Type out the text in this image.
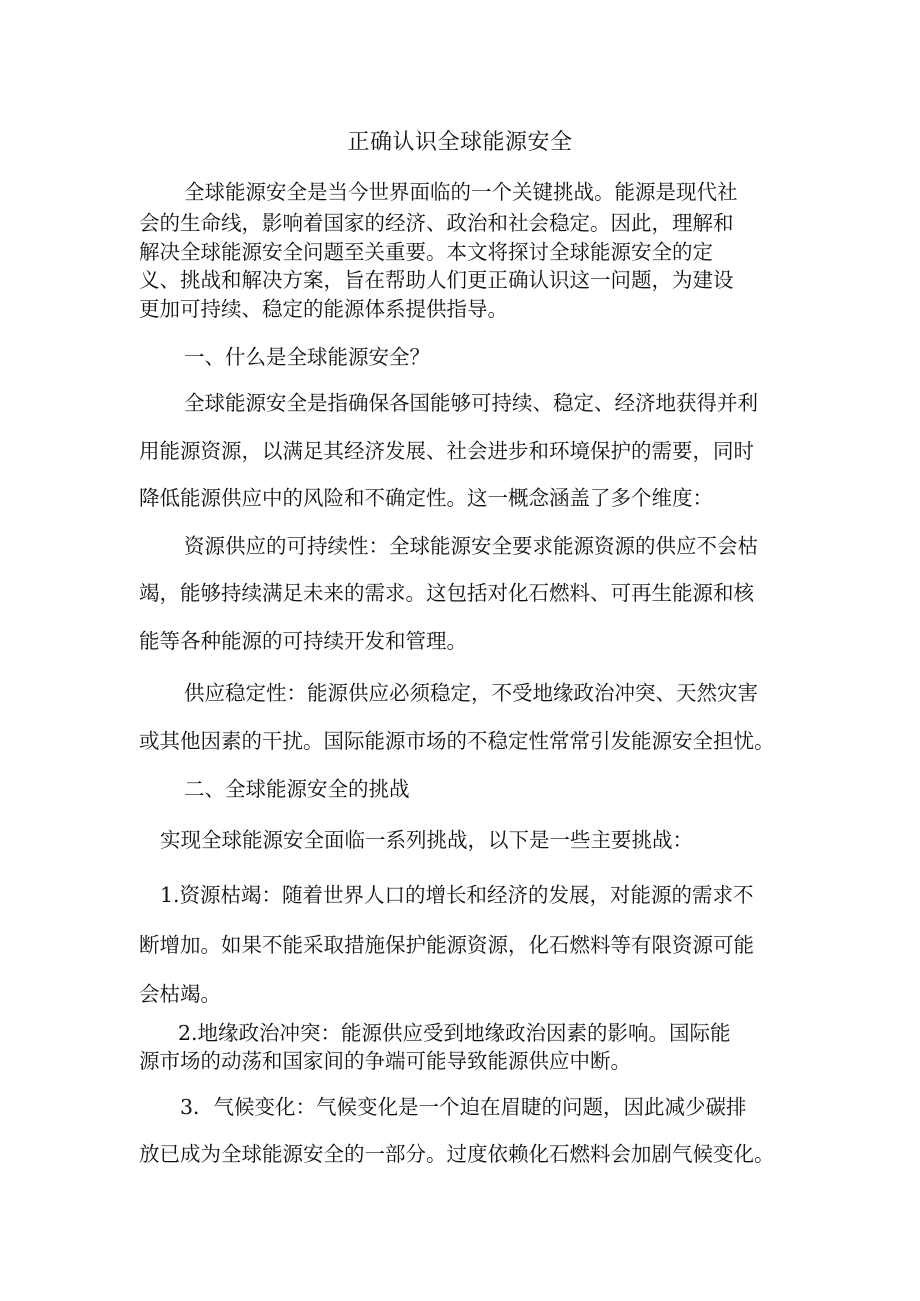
正确认识全球能源安全
全球能源安全是当今世界面临的一个关键挑战。能源是现代社
会的生命线，影响着国家的经济、政治和社会稳定。因此，理解和
解决全球能源安全问题至关重要。本文将探讨全球能源安全的定
义、挑战和解决方案，旨在帮助人们更正确认识这一问题，为建设
更加可持续、稳定的能源体系提供指导。
一、什么是全球能源安全？
全球能源安全是指确保各国能够可持续、稳定、经济地获得并利
用能源资源，以满足其经济发展、社会进步和环境保护的需要，同时
降低能源供应中的风险和不确定性。这一概念涵盖了多个维度：
资源供应的可持续性：全球能源安全要求能源资源的供应不会枯
竭，能够持续满足未来的需求。这包括对化石燃料、可再生能源和核
能等各种能源的可持续开发和管理。
供应稳定性：能源供应必须稳定，不受地缘政治冲突、天然灾害
或其他因素的干扰。国际能源市场的不稳定性常常引发能源安全担忧。
二、全球能源安全的挑战
实现全球能源安全面临一系列挑战，以下是一些主要挑战：
1.资源枯竭：随着世界人口的增长和经济的发展，对能源的需求不
断增加。如果不能采取措施保护能源资源，化石燃料等有限资源可能
会枯竭。
2.地缘政治冲突：能源供应受到地缘政治因素的影响。国际能
源市场的动荡和国家间的争端可能导致能源供应中断。
3．气候变化：气候变化是一个迫在眉睫的问题，因此减少碳排
放已成为全球能源安全的一部分。过度依赖化石燃料会加剧气候变化。
